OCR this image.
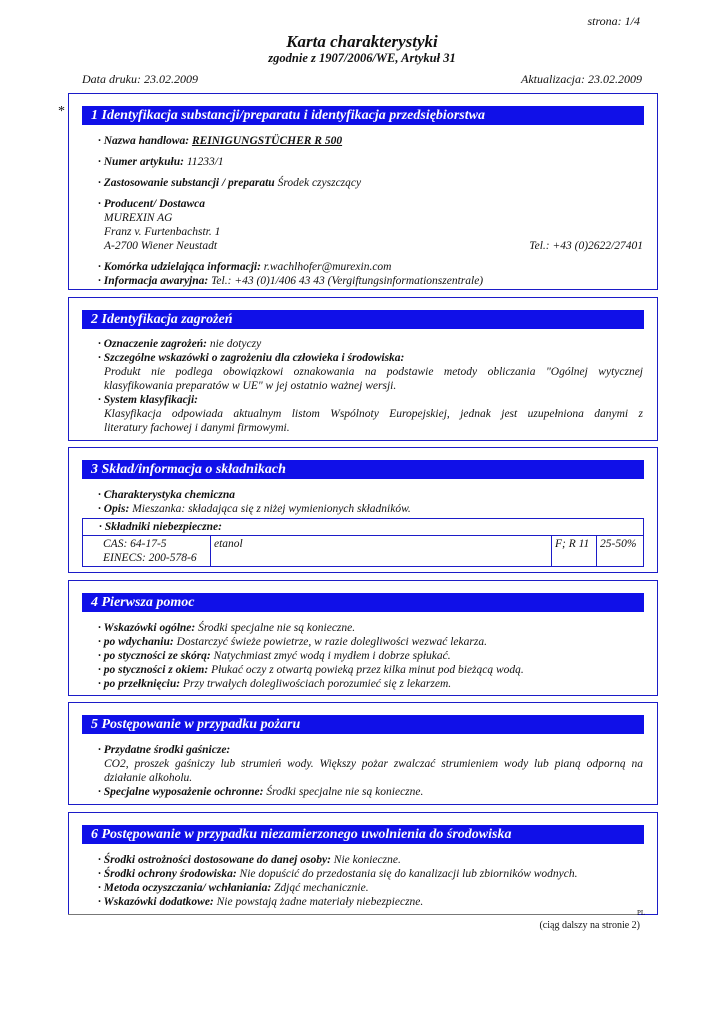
strona: 1/4
Karta charakterystyki
zgodnie z 1907/2006/WE, Artykuł 31
Data druku: 23.02.2009	Aktualizacja: 23.02.2009
*	1 Identyfikacja substancji/preparatu i identyfikacja przedsiębiorstwa
· Nazwa handlowa: REINIGUNGSTÜCHER R 500
· Numer artykułu: 11233/1
· Zastosowanie substancji / preparatu Środek czyszczący
· Producent/ Dostawca
MUREXIN AG
Franz v. Furtenbachstr. 1
A-2700 Wiener Neustadt	Tel.: +43 (0)2622/27401
· Komórka udzielająca informacji: r.wachlhofer@murexin.com
· Informacja awaryjna: Tel.: +43 (0)1/406 43 43 (Vergiftungsinformationszentrale)
2 Identyfikacja zagrożeń
· Oznaczenie zagrożeń: nie dotyczy
· Szczególne wskazówki o zagrożeniu dla człowieka i środowiska:
Produkt nie podlega obowiązkowi oznakowania na podstawie metody obliczania "Ogólnej wytycznej
klasyfikowania preparatów w UE" w jej ostatnio ważnej wersji.
· System klasyfikacji:
Klasyfikacja odpowiada aktualnym listom Wspólnoty Europejskiej, jednak jest uzupełniona danymi z
literatury fachowej i danymi firmowymi.
3 Skład/informacja o składnikach
· Charakterystyka chemiczna
· Opis: Mieszanka: składająca się z niżej wymienionych składników.
· Składniki niebezpieczne:

CAS: 64-17-5
EINECS: 200-578-6
	etanol	F; R 11	25-50%
4 Pierwsza pomoc
· Wskazówki ogólne: Środki specjalne nie są konieczne.
· po wdychaniu: Dostarczyć świeże powietrze, w razie dolegliwości wezwać lekarza.
· po styczności ze skórą: Natychmiast zmyć wodą i mydłem i dobrze spłukać.
· po styczności z okiem: Płukać oczy z otwartą powieką przez kilka minut pod bieżącą wodą.
· po przełknięciu: Przy trwałych dolegliwościach porozumieć się z lekarzem.
5 Postępowanie w przypadku pożaru
· Przydatne środki gaśnicze:
CO2, proszek gaśniczy lub strumień wody. Większy pożar zwalczać strumieniem wody lub pianą odporną na
działanie alkoholu.
· Specjalne wyposażenie ochronne: Środki specjalne nie są konieczne.
6 Postępowanie w przypadku niezamierzonego uwolnienia do środowiska
· Środki ostrożności dostosowane do danej osoby: Nie konieczne.
· Środki ochrony środowiska: Nie dopuścić do przedostania się do kanalizacji lub zbiorników wodnych.
· Metoda oczyszczania/ wchłaniania: Zdjąć mechanicznie.
· Wskazówki dodatkowe: Nie powstają żadne materiały niebezpieczne.
PL
(ciąg dalszy na stronie 2)
